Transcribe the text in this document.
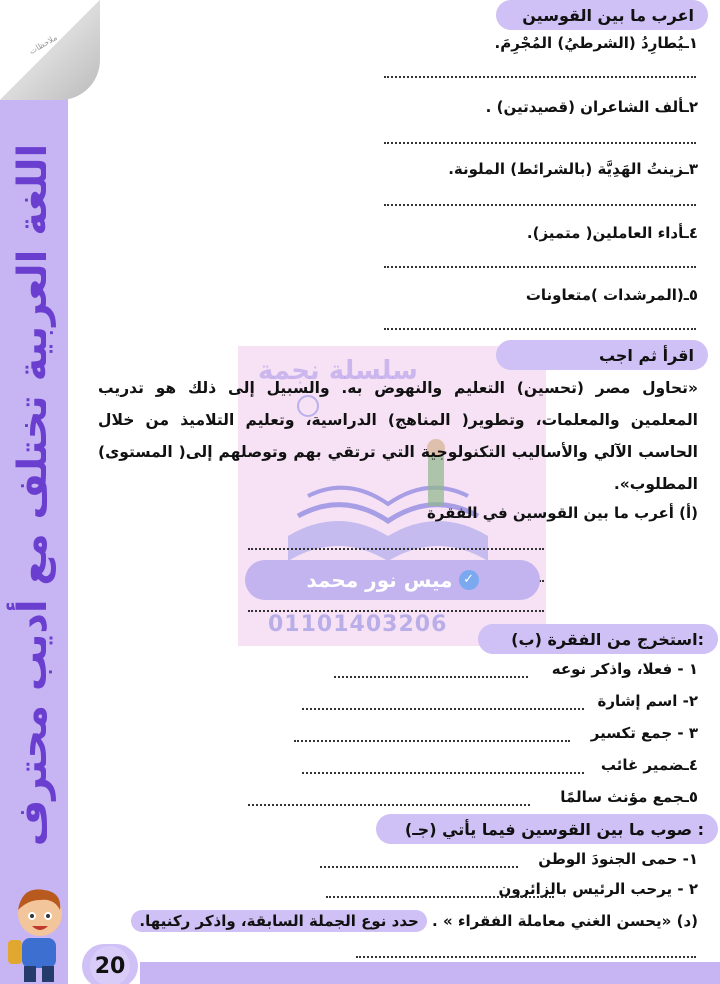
اللغة العربية تختلف مع أديب محترف
ملاحظات
اعرب ما بين القوسين
١ـيُطارِدُ (الشرطيُ) المُجْرِمَ.
٢ـألف الشاعران (قصيدتين) .
٣ـزينتُ الهَدِيَّة (بالشرائط) الملونة.
٤ـأداء العاملين( متميز).
٥ـ(المرشدات )متعاونات
سلسلة نجمة
اقرأ ثم اجب
«تحاول مصر (تحسين) التعليم والنهوض به. والسبيل إلى ذلك هو تدريب المعلمين والمعلمات، وتطوير( المناهج) الدراسية، وتعليم التلاميذ من خلال الحاسب الآلي والأساليب التكنولوجية التي ترتقي بهم وتوصلهم إلى( المستوى) المطلوب».
(أ) أعرب ما بين القوسين في الفقرة
ميس نور محمد ✓
01101403206
(ب) استخرج من الفقرة:
١ - فعلا، واذكر نوعه
٢- اسم إشارة
٣ - جمع تكسير
٤ـضمير غائب
٥ـجمع مؤنث سالمًا
(جـ) صوب ما بين القوسين فيما يأتي :
١- حمى الجنودَ الوطن
٢ - يرحب الرئيس بالزائرون
(د) «يحسن الغني معاملة الفقراء » . حدد نوع الجملة السابقة، واذكر ركنيها.
20
